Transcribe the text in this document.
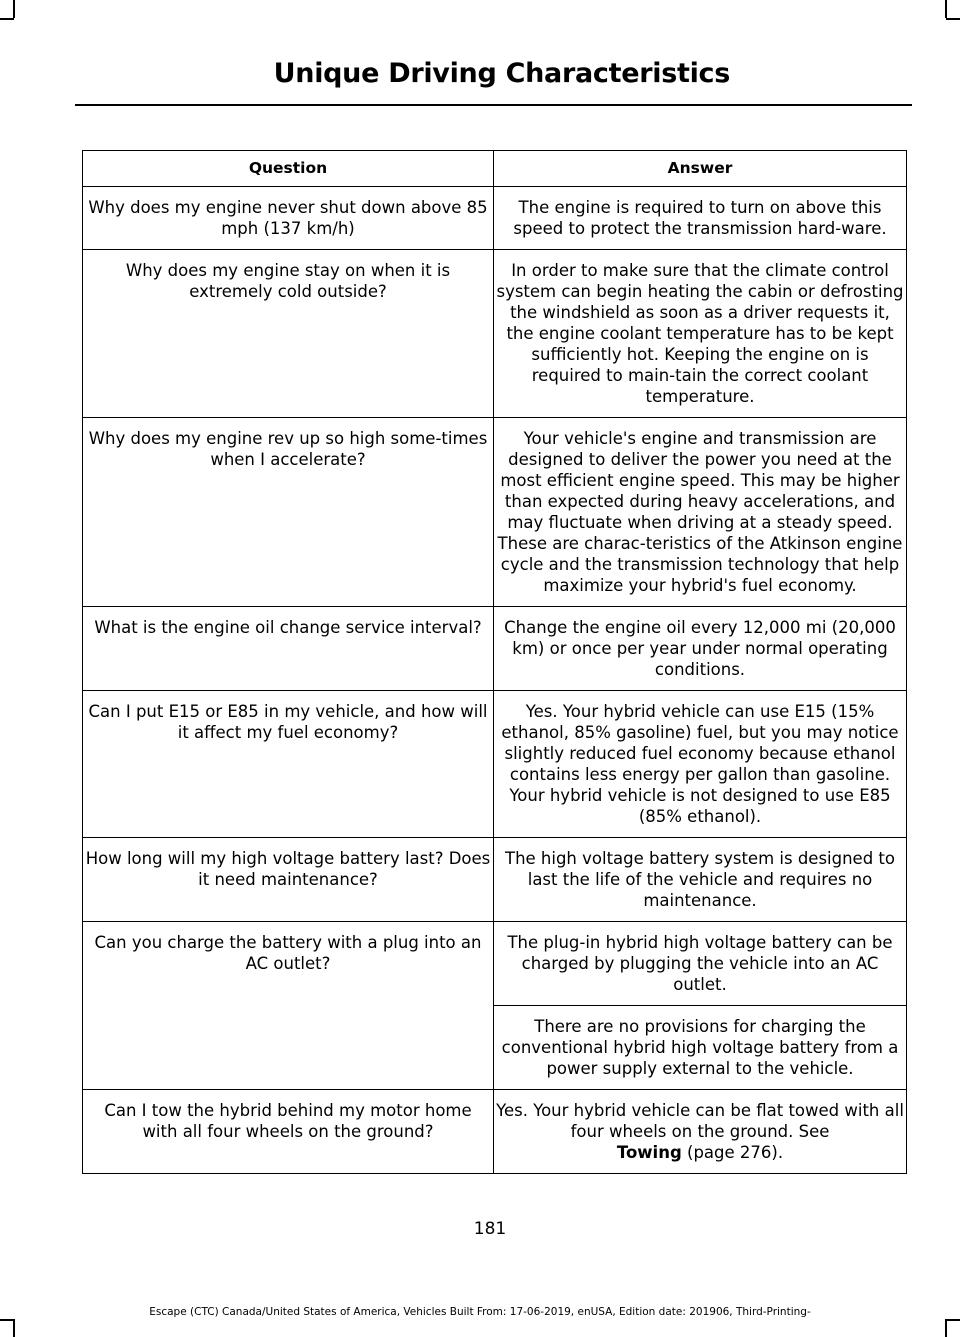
Unique Driving Characteristics
Question	Answer
Why does my engine never shut down above 85 mph (137 km/h)	The engine is required to turn on above this speed to protect the transmission hard-ware.
Why does my engine stay on when it is extremely cold outside?	In order to make sure that the climate control system can begin heating the cabin or defrosting the windshield as soon as a driver requests it, the engine coolant temperature has to be kept sufficiently hot. Keeping the engine on is required to main-tain the correct coolant temperature.
Why does my engine rev up so high some-times when I accelerate?	Your vehicle's engine and transmission are designed to deliver the power you need at the most efficient engine speed. This may be higher than expected during heavy accelerations, and may fluctuate when driving at a steady speed. These are charac-teristics of the Atkinson engine cycle and the transmission technology that help maximize your hybrid's fuel economy.
What is the engine oil change service interval?	Change the engine oil every 12,000 mi (20,000 km) or once per year under normal operating conditions.
Can I put E15 or E85 in my vehicle, and how will it affect my fuel economy?	Yes. Your hybrid vehicle can use E15 (15% ethanol, 85% gasoline) fuel, but you may notice slightly reduced fuel economy because ethanol contains less energy per gallon than gasoline. Your hybrid vehicle is not designed to use E85 (85% ethanol).
How long will my high voltage battery last? Does it need maintenance?	The high voltage battery system is designed to last the life of the vehicle and requires no maintenance.
Can you charge the battery with a plug into an AC outlet?	The plug-in hybrid high voltage battery can be charged by plugging the vehicle into an AC outlet.
	There are no provisions for charging the conventional hybrid high voltage battery from a power supply external to the vehicle.
Can I tow the hybrid behind my motor home with all four wheels on the ground?	Yes. Your hybrid vehicle can be flat towed with all four wheels on the ground. See
Towing (page 276).
181
Escape (CTC) Canada/United States of America, Vehicles Built From: 17-06-2019, enUSA, Edition date: 201906, Third-Printing-
